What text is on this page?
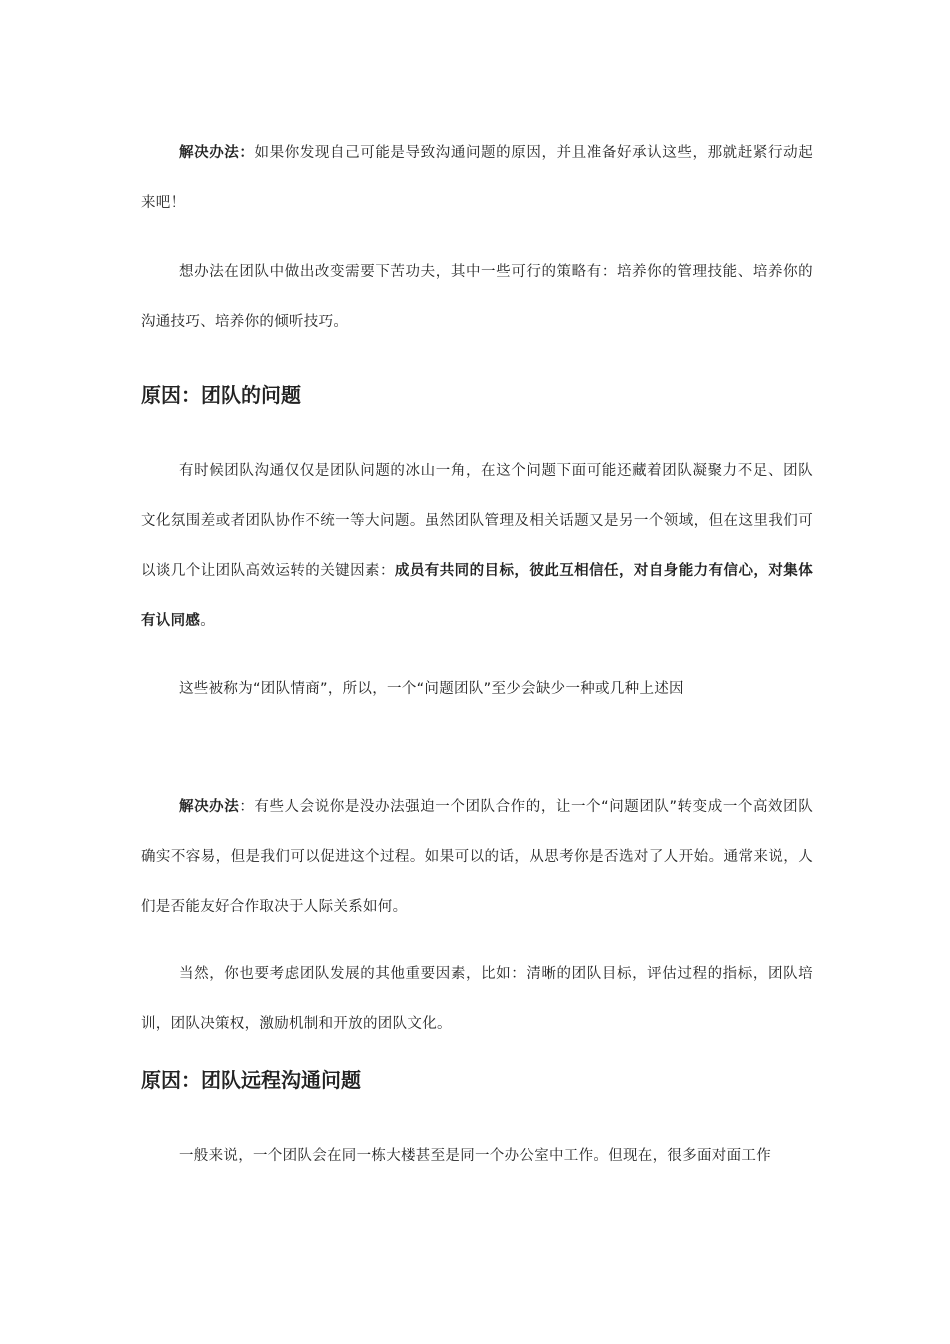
解决办法：如果你发现自己可能是导致沟通问题的原因，并且准备好承认这些，那就赶紧行动起来吧！

想办法在团队中做出改变需要下苦功夫，其中一些可行的策略有：培养你的管理技能、培养你的沟通技巧、培养你的倾听技巧。

原因：团队的问题

有时候团队沟通仅仅是团队问题的冰山一角，在这个问题下面可能还藏着团队凝聚力不足、团队文化氛围差或者团队协作不统一等大问题。虽然团队管理及相关话题又是另一个领域，但在这里我们可以谈几个让团队高效运转的关键因素：成员有共同的目标，彼此互相信任，对自身能力有信心，对集体有认同感。

这些被称为“团队情商”，所以，一个“问题团队”至少会缺少一种或几种上述因

解决办法：有些人会说你是没办法强迫一个团队合作的，让一个“问题团队”转变成一个高效团队确实不容易，但是我们可以促进这个过程。如果可以的话，从思考你是否选对了人开始。通常来说，人们是否能友好合作取决于人际关系如何。

当然，你也要考虑团队发展的其他重要因素，比如：清晰的团队目标，评估过程的指标，团队培训，团队决策权，激励机制和开放的团队文化。

原因：团队远程沟通问题

一般来说，一个团队会在同一栋大楼甚至是同一个办公室中工作。但现在，很多面对面工作
